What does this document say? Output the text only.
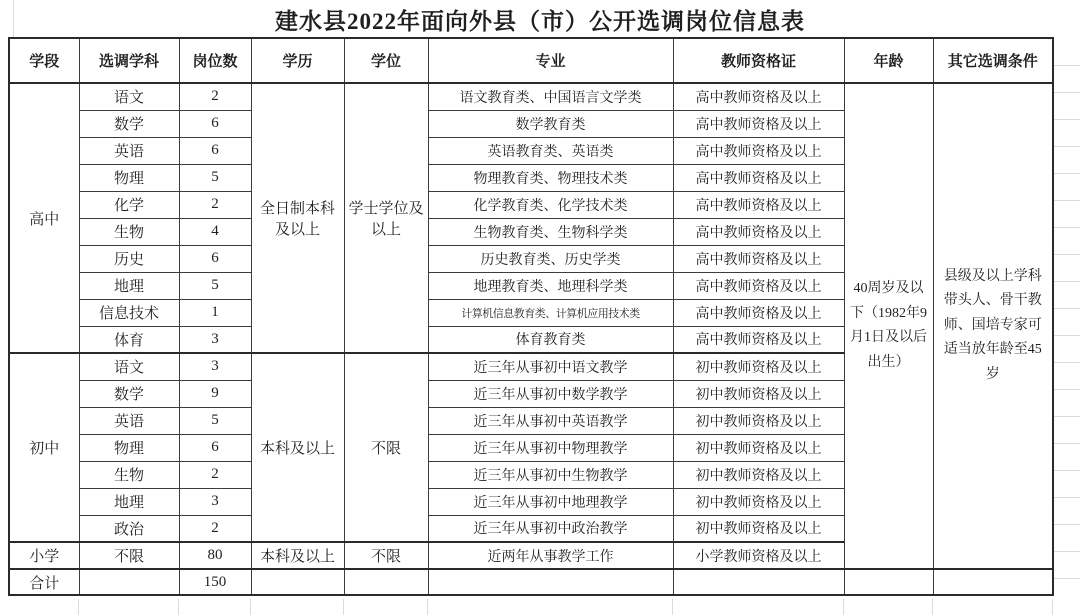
建水县2022年面向外县（市）公开选调岗位信息表
学段	选调学科	岗位数	学历	学位	专业	教师资格证	年龄	其它选调条件
高中	语文	2	全日制本科及以上	学士学位及以上	语文教育类、中国语言文学类	高中教师资格及以上	40周岁及以下（1982年9月1日及以后出生）	县级及以上学科带头人、骨干教师、国培专家可适当放年龄至45岁
	数学	6			数学教育类	高中教师资格及以上		
	英语	6			英语教育类、英语类	高中教师资格及以上		
	物理	5			物理教育类、物理技术类	高中教师资格及以上		
	化学	2			化学教育类、化学技术类	高中教师资格及以上		
	生物	4			生物教育类、生物科学类	高中教师资格及以上		
	历史	6			历史教育类、历史学类	高中教师资格及以上		
	地理	5			地理教育类、地理科学类	高中教师资格及以上		
	信息技术	1			计算机信息教育类、计算机应用技术类	高中教师资格及以上		
	体育	3			体育教育类	高中教师资格及以上		
初中	语文	3	本科及以上	不限	近三年从事初中语文教学	初中教师资格及以上		
	数学	9			近三年从事初中数学教学	初中教师资格及以上		
	英语	5			近三年从事初中英语教学	初中教师资格及以上		
	物理	6			近三年从事初中物理教学	初中教师资格及以上		
	生物	2			近三年从事初中生物教学	初中教师资格及以上		
	地理	3			近三年从事初中地理教学	初中教师资格及以上		
	政治	2			近三年从事初中政治教学	初中教师资格及以上		
小学	不限	80	本科及以上	不限	近两年从事教学工作	小学教师资格及以上		
合计		150						
